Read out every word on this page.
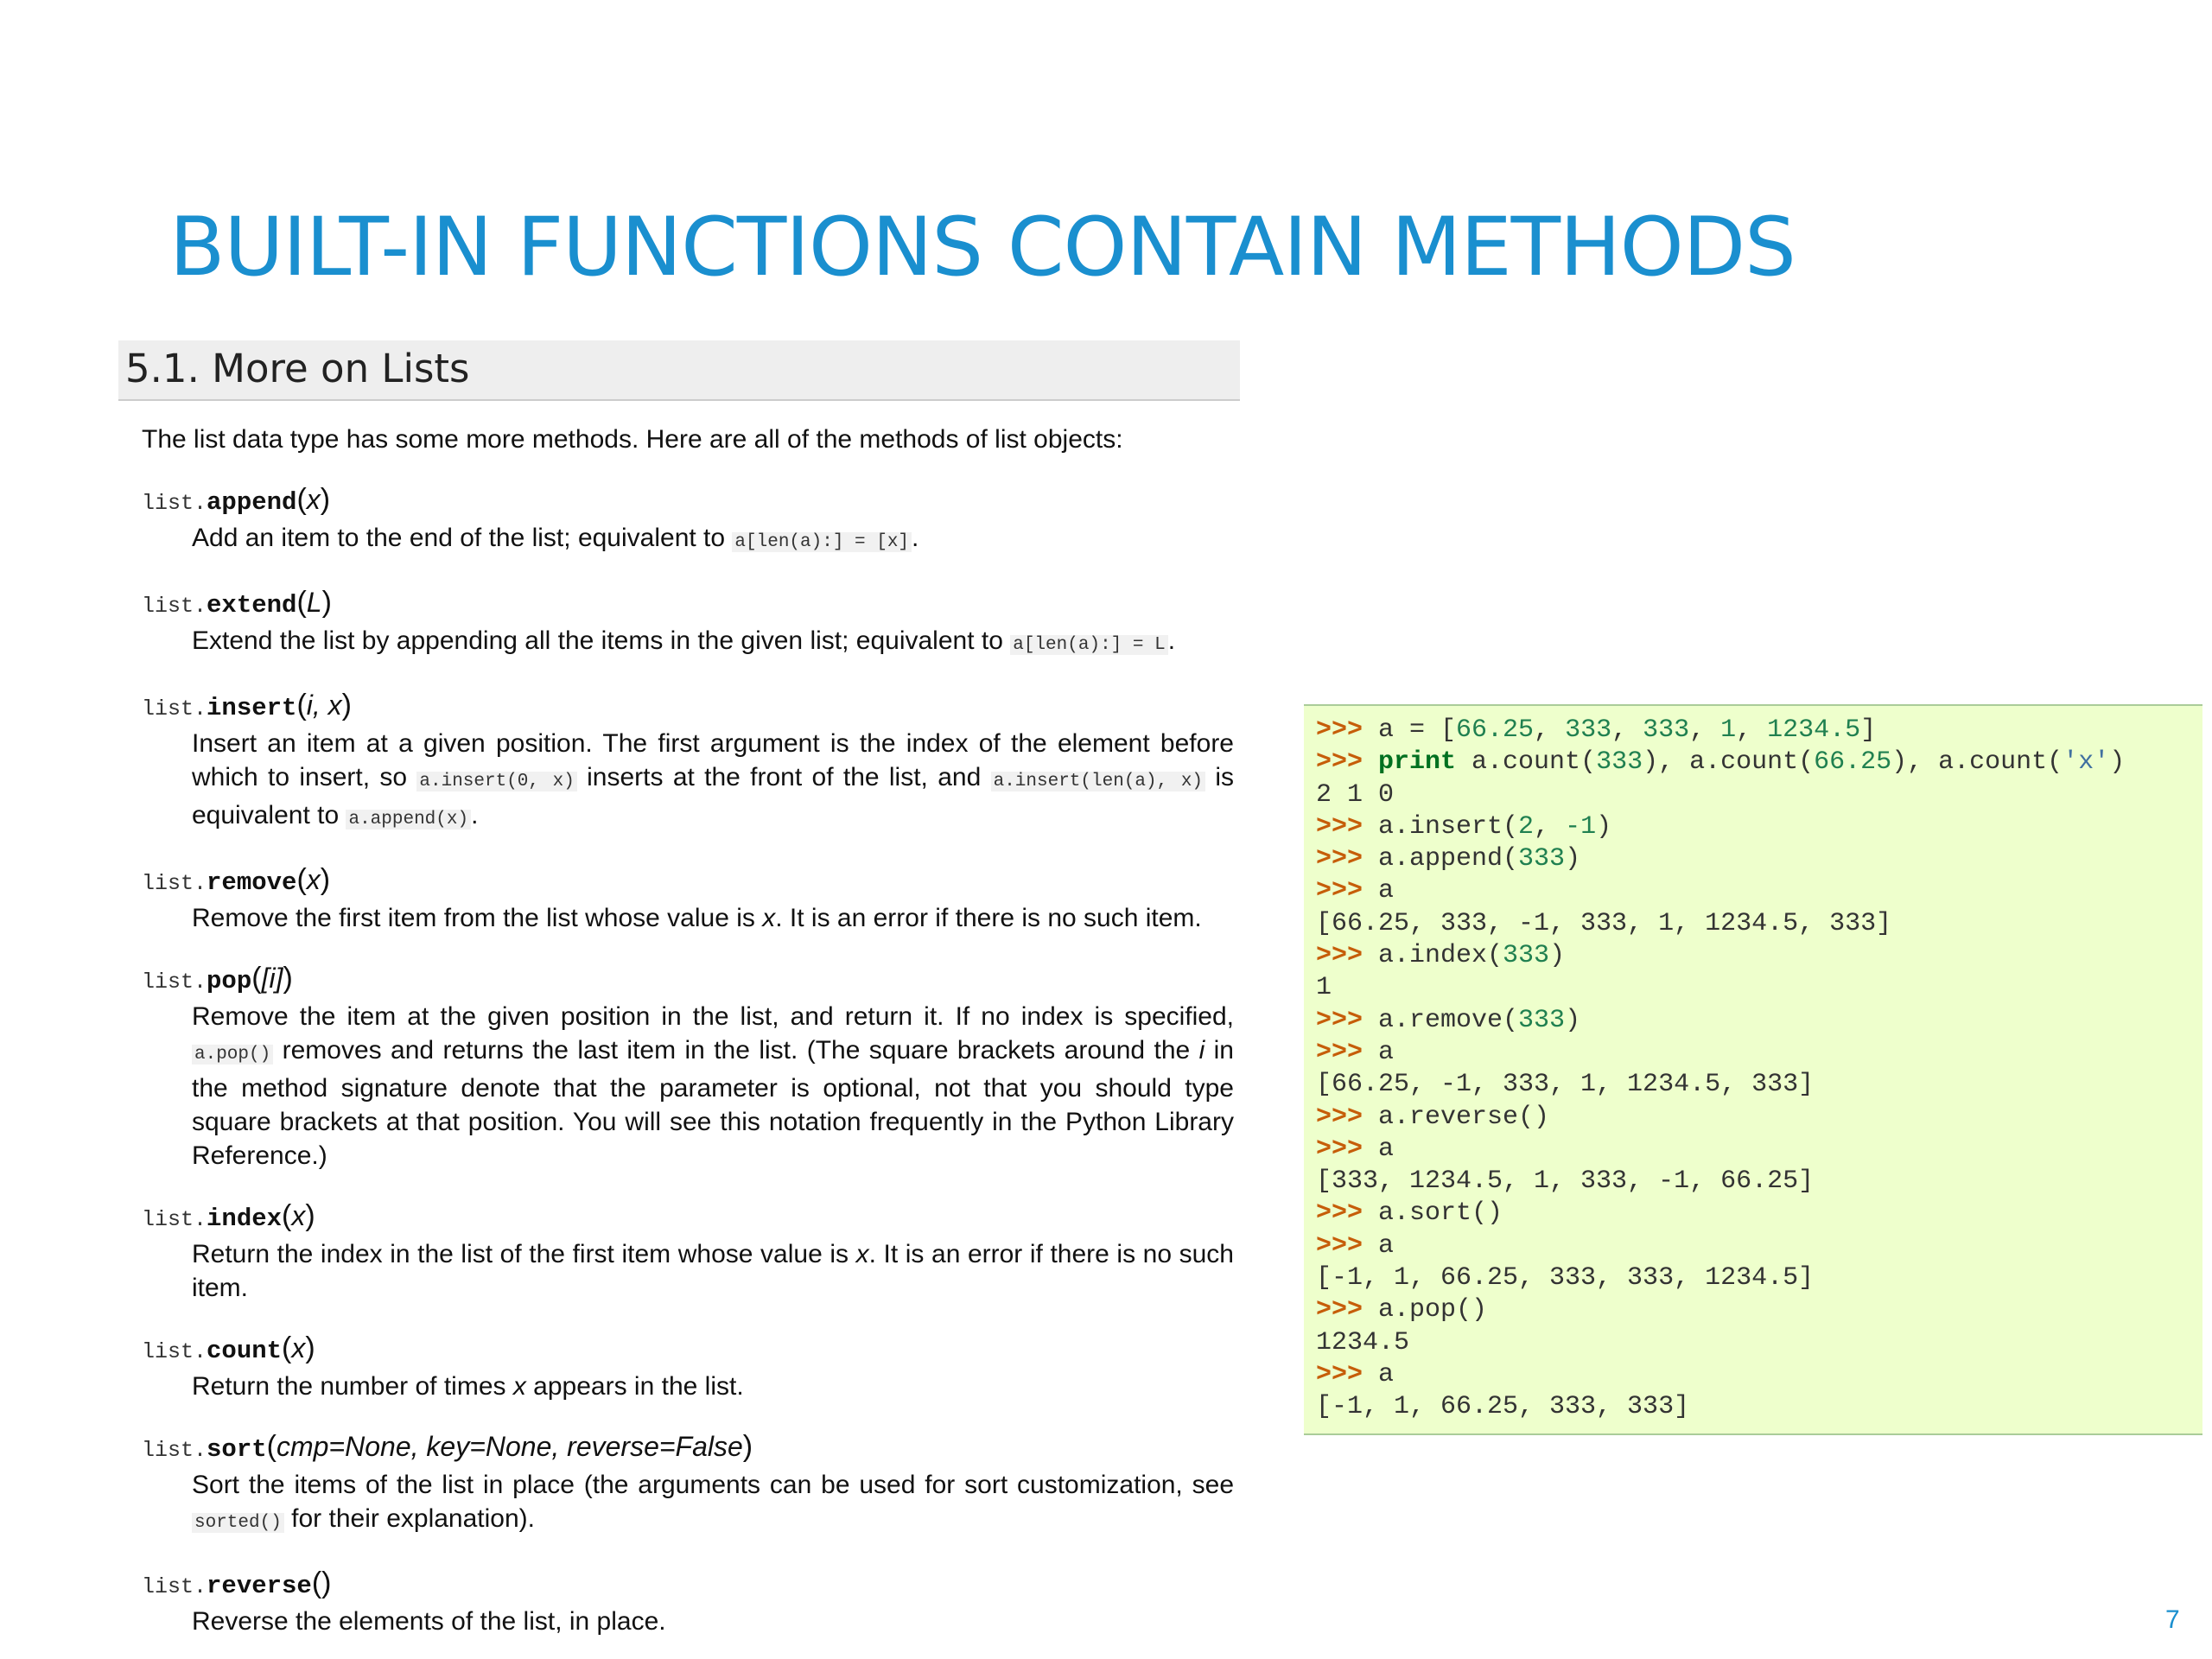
BUILT-IN FUNCTIONS CONTAIN METHODS
5.1. More on Lists
The list data type has some more methods. Here are all of the methods of list objects:
list.append(x)
Add an item to the end of the list; equivalent to a[len(a):] = [x] .
list.extend(L)
Extend the list by appending all the items in the given list; equivalent to a[len(a):] = L .
list.insert(i, x)
Insert an item at a given position. The first argument is the index of the element before which to insert, so a.insert(0, x) inserts at the front of the list, and a.insert(len(a), x) is equivalent to a.append(x) .
list.remove(x)
Remove the first item from the list whose value is x. It is an error if there is no such item.
list.pop([i])
Remove the item at the given position in the list, and return it. If no index is specified, a.pop() removes and returns the last item in the list. (The square brackets around the i in the method signature denote that the parameter is optional, not that you should type square brackets at that position. You will see this notation frequently in the Python Library Reference.)
list.index(x)
Return the index in the list of the first item whose value is x. It is an error if there is no such item.
list.count(x)
Return the number of times x appears in the list.
list.sort(cmp=None, key=None, reverse=False)
Sort the items of the list in place (the arguments can be used for sort customization, see sorted() for their explanation).
list.reverse()
Reverse the elements of the list, in place.
>>> a = [66.25, 333, 333, 1, 1234.5]
>>> print a.count(333), a.count(66.25), a.count('x')
2 1 0
>>> a.insert(2, -1)
>>> a.append(333)
>>> a
[66.25, 333, -1, 333, 1, 1234.5, 333]
>>> a.index(333)
1
>>> a.remove(333)
>>> a
[66.25, -1, 333, 1, 1234.5, 333]
>>> a.reverse()
>>> a
[333, 1234.5, 1, 333, -1, 66.25]
>>> a.sort()
>>> a
[-1, 1, 66.25, 333, 333, 1234.5]
>>> a.pop()
1234.5
>>> a
[-1, 1, 66.25, 333, 333]
7
